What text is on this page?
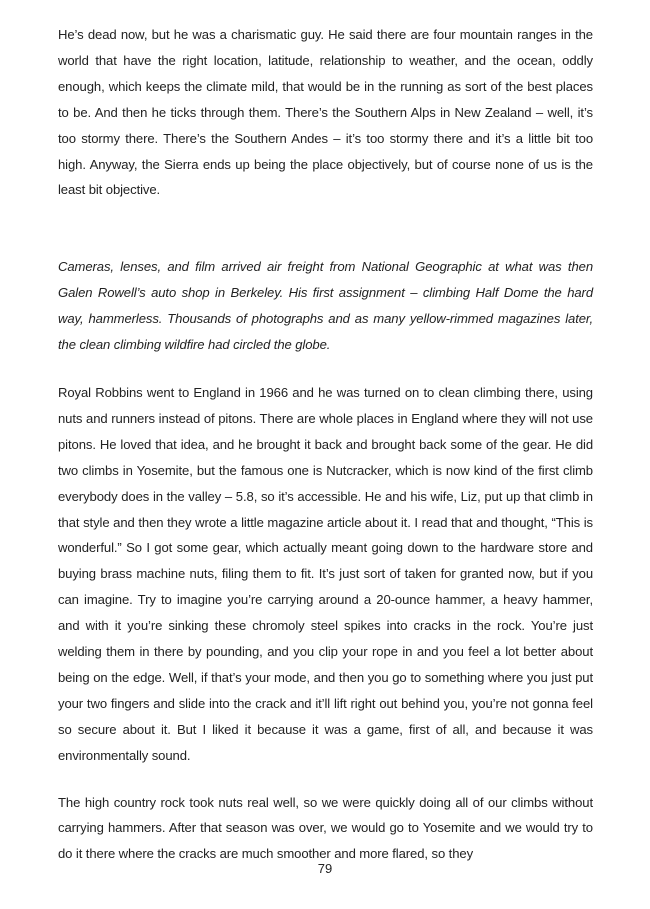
He’s dead now, but he was a charismatic guy. He said there are four mountain ranges in the world that have the right location, latitude, relationship to weather, and the ocean, oddly enough, which keeps the climate mild, that would be in the running as sort of the best places to be. And then he ticks through them. There’s the Southern Alps in New Zealand – well, it’s too stormy there. There’s the Southern Andes – it’s too stormy there and it’s a little bit too high. Anyway, the Sierra ends up being the place objectively, but of course none of us is the least bit objective.

Cameras, lenses, and film arrived air freight from National Geographic at what was then Galen Rowell’s auto shop in Berkeley. His first assignment – climbing Half Dome the hard way, hammerless. Thousands of photographs and as many yellow-rimmed magazines later, the clean climbing wildfire had circled the globe.

Royal Robbins went to England in 1966 and he was turned on to clean climbing there, using nuts and runners instead of pitons. There are whole places in England where they will not use pitons. He loved that idea, and he brought it back and brought back some of the gear. He did two climbs in Yosemite, but the famous one is Nutcracker, which is now kind of the first climb everybody does in the valley – 5.8, so it’s accessible. He and his wife, Liz, put up that climb in that style and then they wrote a little magazine article about it. I read that and thought, “This is wonderful.” So I got some gear, which actually meant going down to the hardware store and buying brass machine nuts, filing them to fit. It’s just sort of taken for granted now, but if you can imagine. Try to imagine you’re carrying around a 20-ounce hammer, a heavy hammer, and with it you’re sinking these chromoly steel spikes into cracks in the rock. You’re just welding them in there by pounding, and you clip your rope in and you feel a lot better about being on the edge. Well, if that’s your mode, and then you go to something where you just put your two fingers and slide into the crack and it’ll lift right out behind you, you’re not gonna feel so secure about it. But I liked it because it was a game, first of all, and because it was environmentally sound.

The high country rock took nuts real well, so we were quickly doing all of our climbs without carrying hammers. After that season was over, we would go to Yosemite and we would try to do it there where the cracks are much smoother and more flared, so they

79
